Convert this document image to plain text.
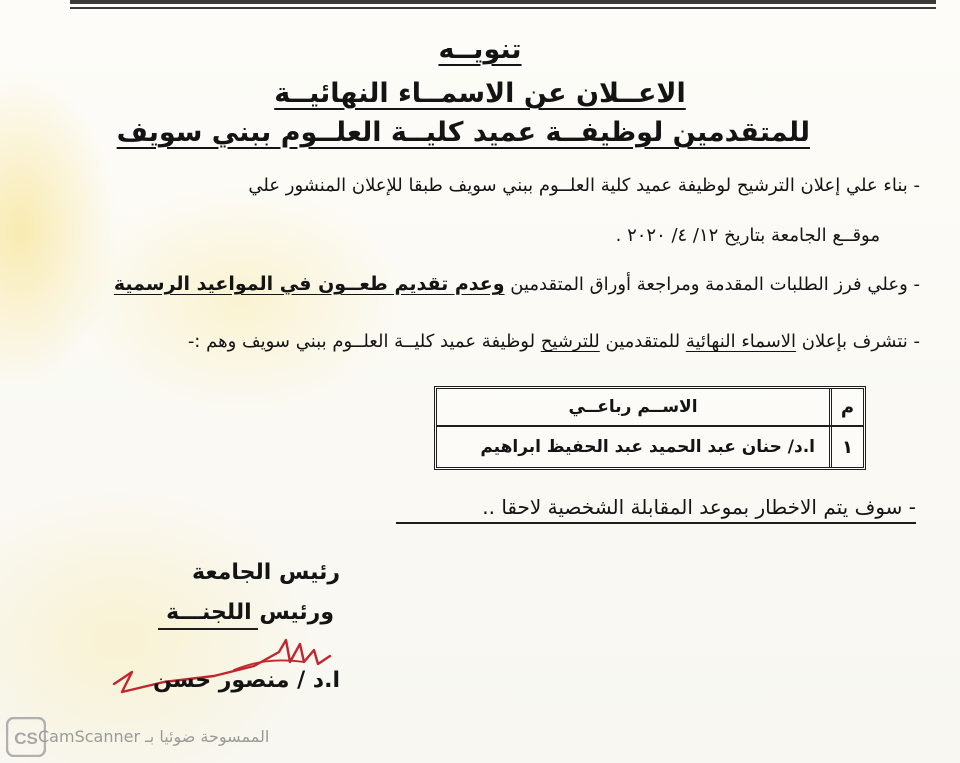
تنويــه
الاعــلان عن الاسمــاء النهائيــة
للمتقدمين لوظيفــة عميد كليــة العلــوم ببني سويف
- بناء علي إعلان الترشيح لوظيفة عميد كلية العلــوم ببني سويف طبقا للإعلان المنشور علي
موقــع الجامعة بتاريخ ١٢/ ٤/ ٢٠٢٠ .
- وعلي فرز الطلبات المقدمة ومراجعة أوراق المتقدمين وعدم تقديم طعــون في المواعيد الرسمية
- نتشرف بإعلان الاسماء النهائية للمتقدمين للترشيح لوظيفة عميد كليــة العلــوم ببني سويف وهم :-
م
الاســم رباعــي
١
ا.د/ حنان عبد الحميد عبد الحفيظ ابراهيم
- سوف يتم الاخطار بموعد المقابلة الشخصية لاحقا ..
رئيس الجامعة
ورئيس اللجنـــة
ا.د / منصور حسن
CS CamScanner الممسوحة ضوئيا بـ
